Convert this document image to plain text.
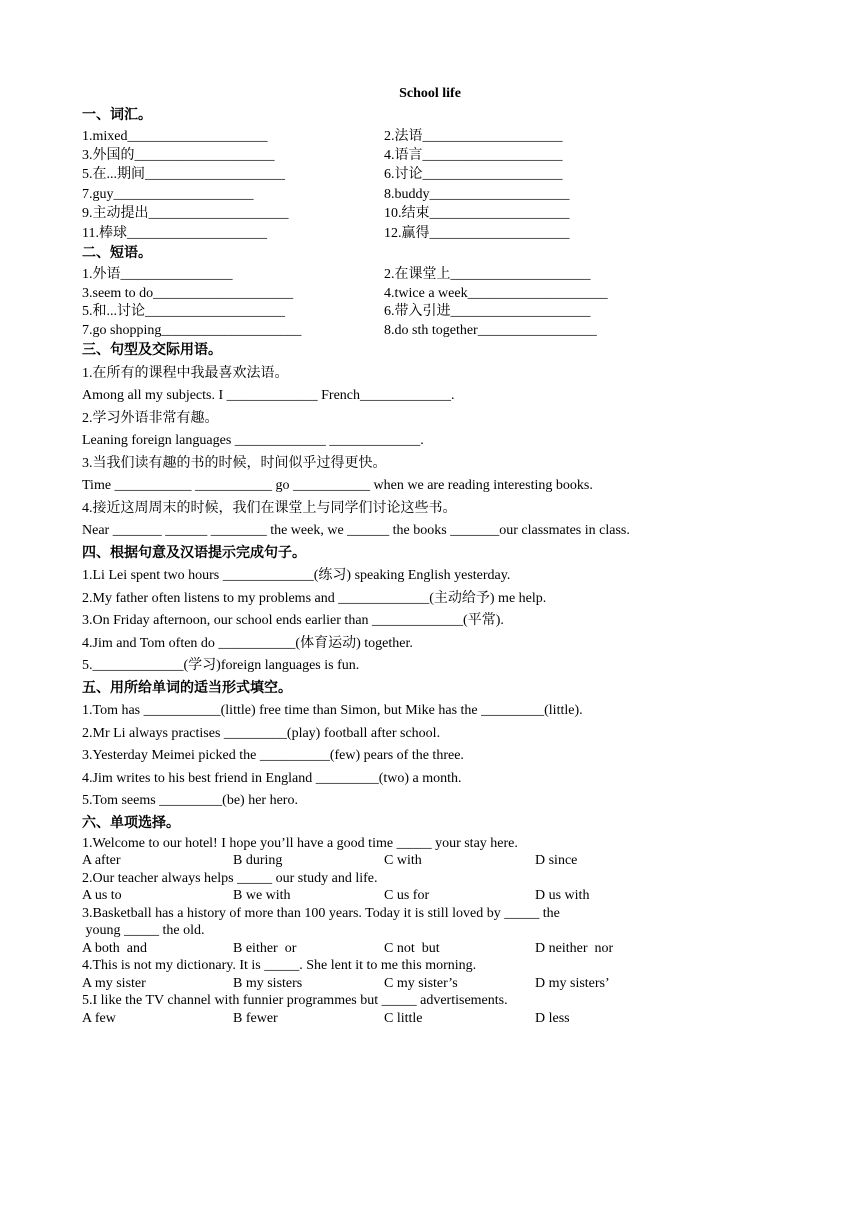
School life
一、词汇。
1.mixed____________________	2.法语____________________
3.外国的____________________	4.语言____________________
5.在...期间____________________	6.讨论____________________
7.guy____________________	8.buddy____________________
9.主动提出____________________	10.结束____________________
11.棒球____________________	12.赢得____________________
二、短语。
1.外语________________	2.在课堂上____________________
3.seem to do____________________	4.twice a week____________________
5.和...讨论____________________	6.带入引进____________________
7.go shopping____________________	8.do sth together_________________
三、句型及交际用语。
1.在所有的课程中我最喜欢法语。
Among all my subjects. I _____________ French_____________.
2.学习外语非常有趣。
Leaning foreign languages _____________ _____________.
3.当我们读有趣的书的时候，时间似乎过得更快。
Time ___________ ___________ go ___________ when we are reading interesting books.
4.接近这周周末的时候，我们在课堂上与同学们讨论这些书。
Near _______ ______ ________ the week, we ______ the books _______our classmates in class.
四、根据句意及汉语提示完成句子。
1.Li Lei spent two hours _____________(练习) speaking English yesterday.
2.My father often listens to my problems and _____________(主动给予) me help.
3.On Friday afternoon, our school ends earlier than _____________(平常).
4.Jim and Tom often do ___________(体育运动) together.
5._____________(学习)foreign languages is fun.
五、用所给单词的适当形式填空。
1.Tom has ___________(little) free time than Simon, but Mike has the _________(little).
2.Mr Li always practises _________(play) football after school.
3.Yesterday Meimei picked the __________(few) pears of the three.
4.Jim writes to his best friend in England _________(two) a month.
5.Tom seems _________(be) her hero.
六、单项选择。
1.Welcome to our hotel! I hope you’ll have a good time _____ your stay here.
A after	B during	C with	D since
2.Our teacher always helps _____ our study and life.
A us to	B we with	C us for	D us with
3.Basketball has a history of more than 100 years. Today it is still loved by _____ the
young _____ the old.
A both  and	B either  or	C not  but	D neither  nor
4.This is not my dictionary. It is _____. She lent it to me this morning.
A my sister	B my sisters	C my sister’s	D my sisters’
5.I like the TV channel with funnier programmes but _____ advertisements.
A few	B fewer	C little	D less
